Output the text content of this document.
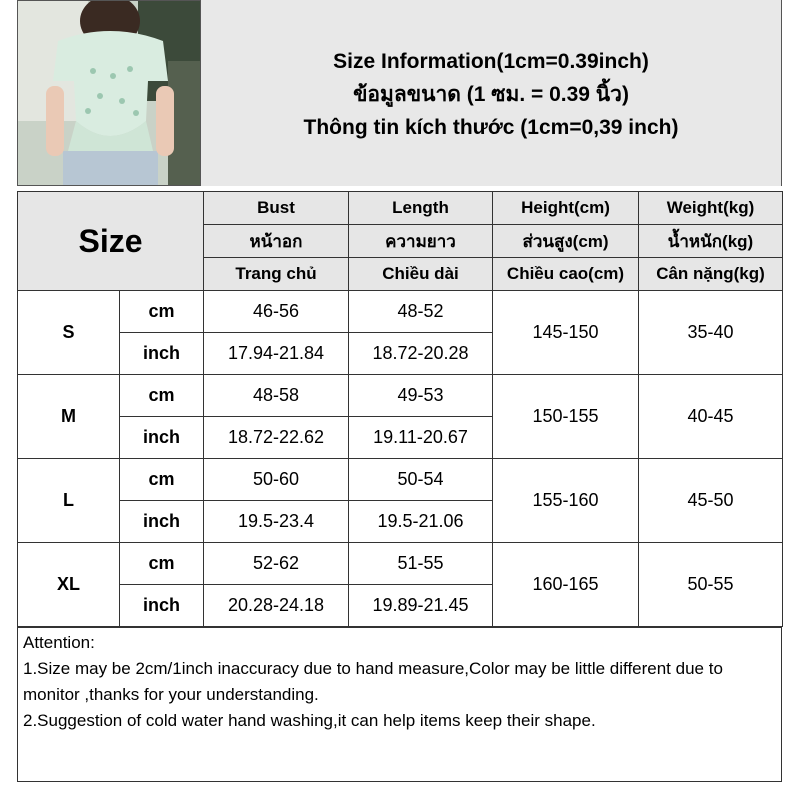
Size Information(1cm=0.39inch)
ข้อมูลขนาด (1 ซม. = 0.39 นิ้ว)
Thông tin kích thước (1cm=0,39 inch)
Size		Bust	Length	Height(cm)	Weight(kg)
		หน้าอก	ความยาว	ส่วนสูง(cm)	น้ำหนัก(kg)
		Trang chủ	Chiều dài	Chiều cao(cm)	Cân nặng(kg)
S	cm	46-56	48-52	145-150	35-40
	inch	17.94-21.84	18.72-20.28		
M	cm	48-58	49-53	150-155	40-45
	inch	18.72-22.62	19.11-20.67		
L	cm	50-60	50-54	155-160	45-50
	inch	19.5-23.4	19.5-21.06		
XL	cm	52-62	51-55	160-165	50-55
	inch	20.28-24.18	19.89-21.45		
Attention:
1.Size may be 2cm/1inch inaccuracy due to hand measure,Color may be little different due to monitor ,thanks for your understanding.
2.Suggestion of cold water hand washing,it can help items keep their shape.
